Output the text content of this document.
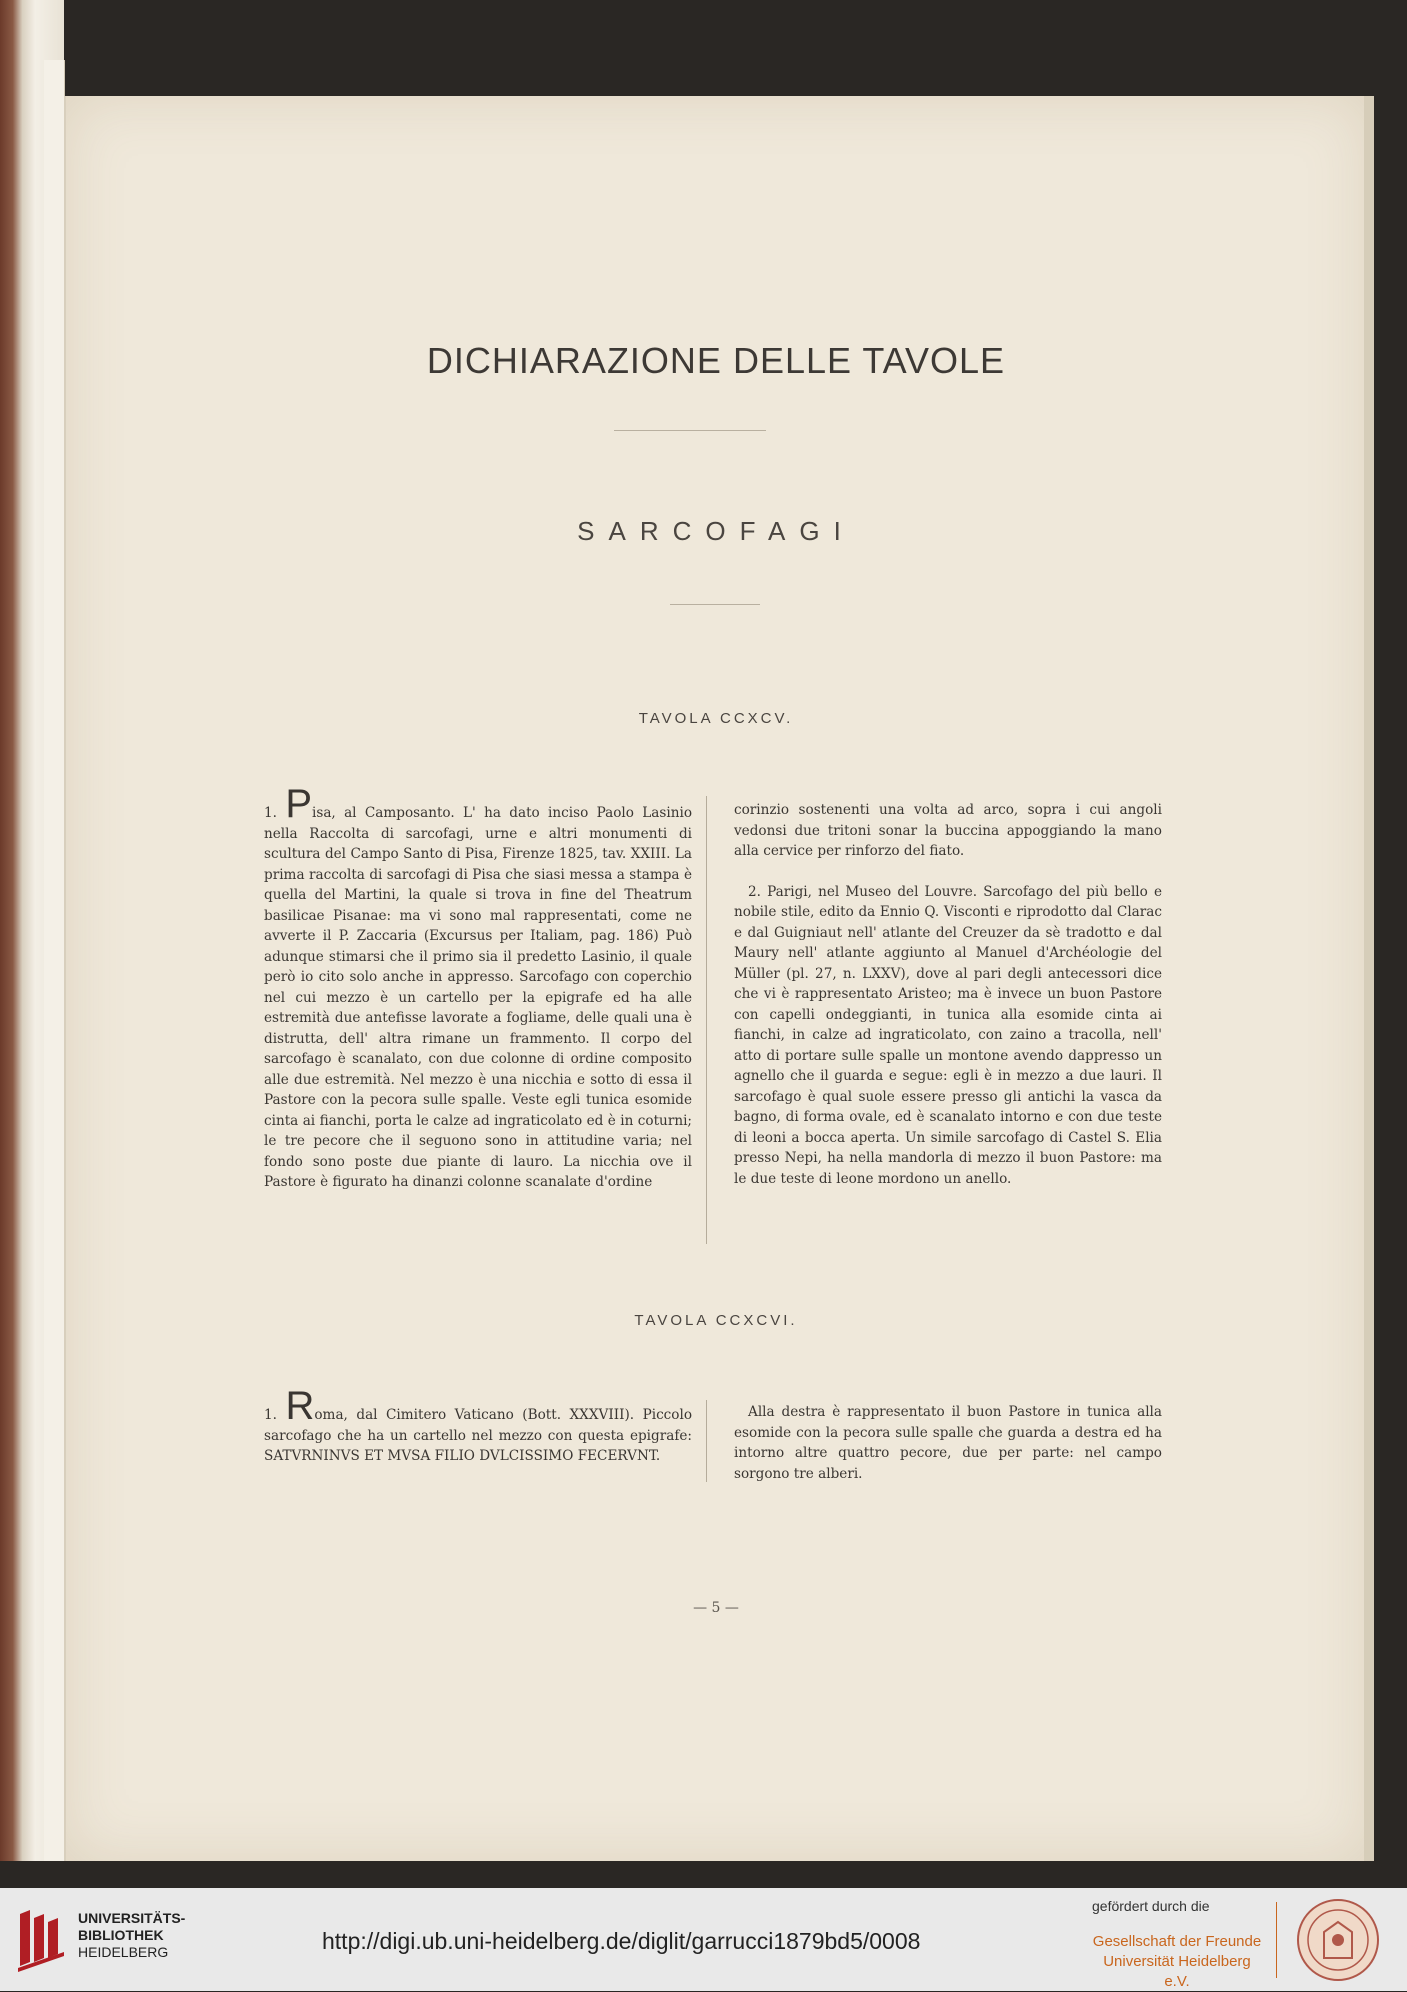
DICHIARAZIONE DELLE TAVOLE
SARCOFAGI
TAVOLA CCXCV.

1. Pisa, al Camposanto. L' ha dato inciso Paolo Lasinio nella Raccolta di sarcofagi, urne e altri monumenti di scultura del Campo Santo di Pisa, Firenze 1825, tav. XXIII. La prima raccolta di sarcofagi di Pisa che siasi messa a stampa è quella del Martini, la quale si trova in fine del Theatrum basilicae Pisanae: ma vi sono mal rappresentati, come ne avverte il P. Zaccaria (Excursus per Italiam, pag. 186) Può adunque stimarsi che il primo sia il predetto Lasinio, il quale però io cito solo anche in appresso. Sarcofago con coperchio nel cui mezzo è un cartello per la epigrafe ed ha alle estremità due antefisse lavorate a fogliame, delle quali una è distrutta, dell' altra rimane un frammento. Il corpo del sarcofago è scanalato, con due colonne di ordine composito alle due estremità. Nel mezzo è una nicchia e sotto di essa il Pastore con la pecora sulle spalle. Veste egli tunica esomide cinta ai fianchi, porta le calze ad ingraticolato ed è in coturni; le tre pecore che il seguono sono in attitudine varia; nel fondo sono poste due piante di lauro. La nicchia ove il Pastore è figurato ha dinanzi colonne scanalate d'ordine

corinzio sostenenti una volta ad arco, sopra i cui angoli vedonsi due tritoni sonar la buccina appoggiando la mano alla cervice per rinforzo del fiato.

2. Parigi, nel Museo del Louvre. Sarcofago del più bello e nobile stile, edito da Ennio Q. Visconti e riprodotto dal Clarac e dal Guigniaut nell' atlante del Creuzer da sè tradotto e dal Maury nell' atlante aggiunto al Manuel d'Archéologie del Müller (pl. 27, n. LXXV), dove al pari degli antecessori dice che vi è rappresentato Aristeo; ma è invece un buon Pastore con capelli ondeggianti, in tunica alla esomide cinta ai fianchi, in calze ad ingraticolato, con zaino a tracolla, nell' atto di portare sulle spalle un montone avendo dappresso un agnello che il guarda e segue: egli è in mezzo a due lauri. Il sarcofago è qual suole essere presso gli antichi la vasca da bagno, di forma ovale, ed è scanalato intorno e con due teste di leoni a bocca aperta. Un simile sarcofago di Castel S. Elia presso Nepi, ha nella mandorla di mezzo il buon Pastore: ma le due teste di leone mordono un anello.

TAVOLA CCXCVI.

1. Roma, dal Cimitero Vaticano (Bott. XXXVIII). Piccolo sarcofago che ha un cartello nel mezzo con questa epigrafe: SATVRNINVS ET MVSA FILIO DVLCISSIMO FECERVNT.

Alla destra è rappresentato il buon Pastore in tunica alla esomide con la pecora sulle spalle che guarda a destra ed ha intorno altre quattro pecore, due per parte: nel campo sorgono tre alberi.

— 5 —
UNIVERSITÄTS-
BIBLIOTHEK
HEIDELBERG	http://digi.ub.uni-heidelberg.de/diglit/garrucci1879bd5/0008
gefördert durch die
Gesellschaft der Freunde
Universität Heidelberg e.V.
